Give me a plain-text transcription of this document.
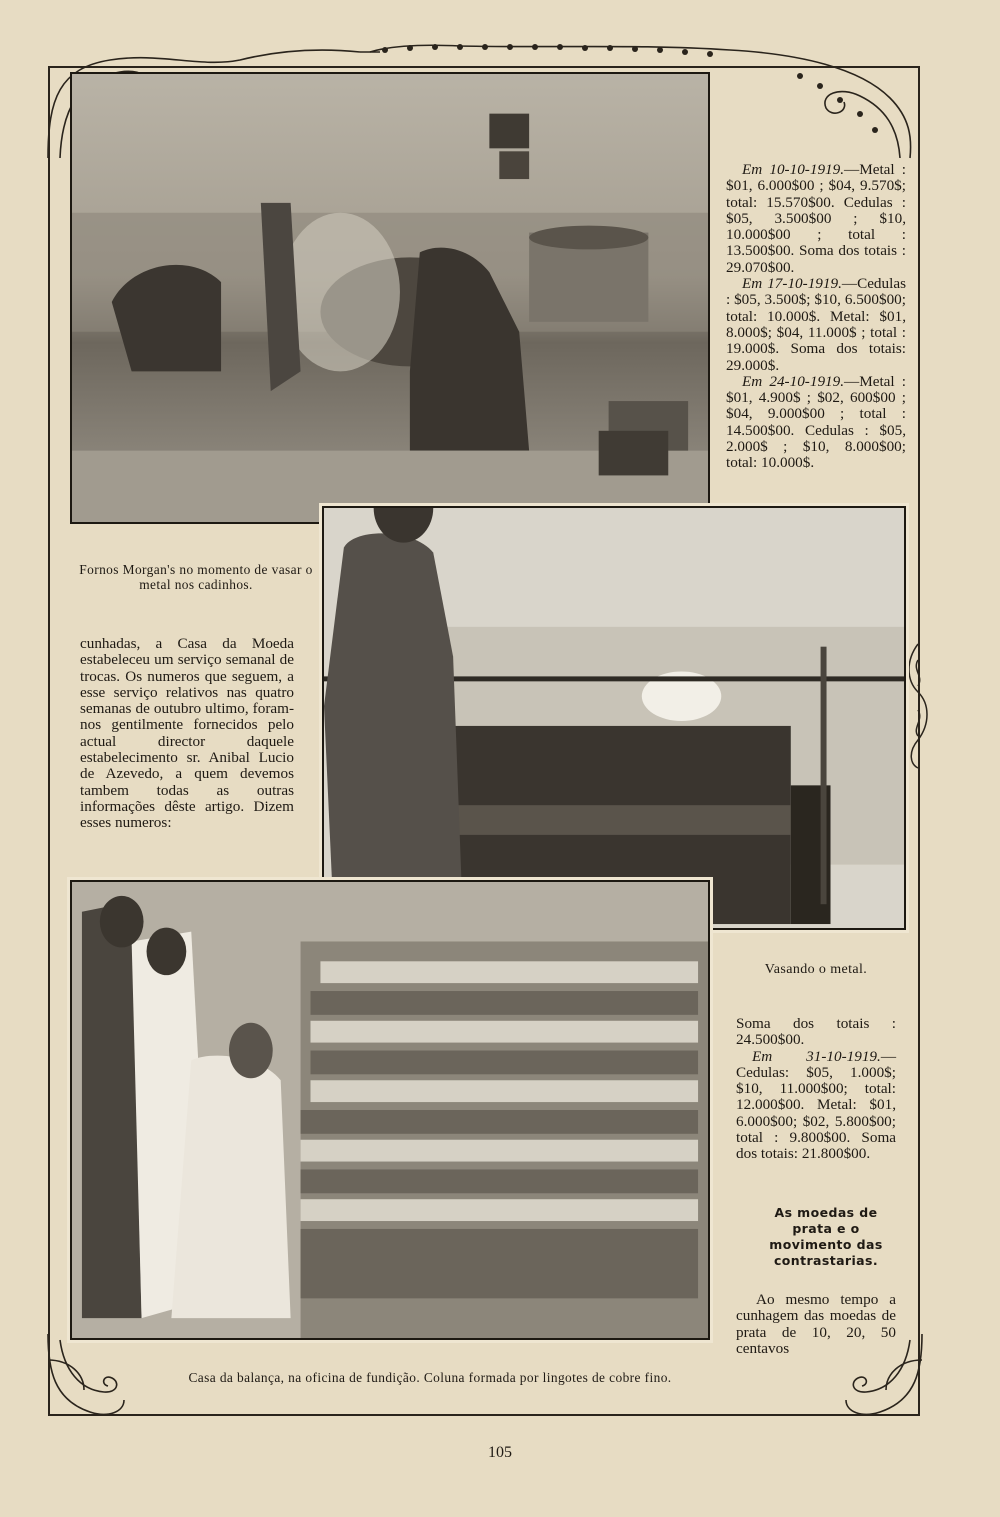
Em 10-10-1919.—Metal : $01, 6.000$00 ; $04, 9.570$; total: 15.570$00. Cedulas : $05, 3.500$00 ; $10, 10.000$00 ; total : 13.500$00. Soma dos totais : 29.070$00.

Em 17-10-1919.—Cedulas : $05, 3.500$; $10, 6.500$00; total: 10.000$. Metal: $01, 8.000$; $04, 11.000$ ; total : 19.000$. Soma dos totais: 29.000$.

Em 24-10-1919.—Metal : $01, 4.900$ ; $02, 600$00 ; $04, 9.000$00 ; total : 14.500$00. Cedulas : $05, 2.000$ ; $10, 8.000$00; total: 10.000$.

Fornos Morgan's no momento de vasar o metal nos cadinhos.

cunhadas, a Casa da Moeda estabeleceu um serviço semanal de trocas. Os numeros que seguem, a esse serviço relativos nas quatro semanas de outubro ultimo, foram-nos gentilmente fornecidos pelo actual director daquele estabelecimento sr. Anibal Lucio de Azevedo, a quem devemos tambem todas as outras informações dêste artigo. Dizem esses numeros:

Vasando o metal.

Soma dos totais : 24.500$00.

Em 31-10-1919.—Cedulas: $05, 1.000$; $10, 11.000$00; total: 12.000$00. Metal: $01, 6.000$00; $02, 5.800$00; total : 9.800$00. Soma dos totais: 21.800$00.

As moedas de prata e o movimento das contrastarias.

Ao mesmo tempo a cunhagem das moedas de prata de 10, 20, 50 centavos

Casa da balança, na oficina de fundição. Coluna formada por lingotes de cobre fino.
105
